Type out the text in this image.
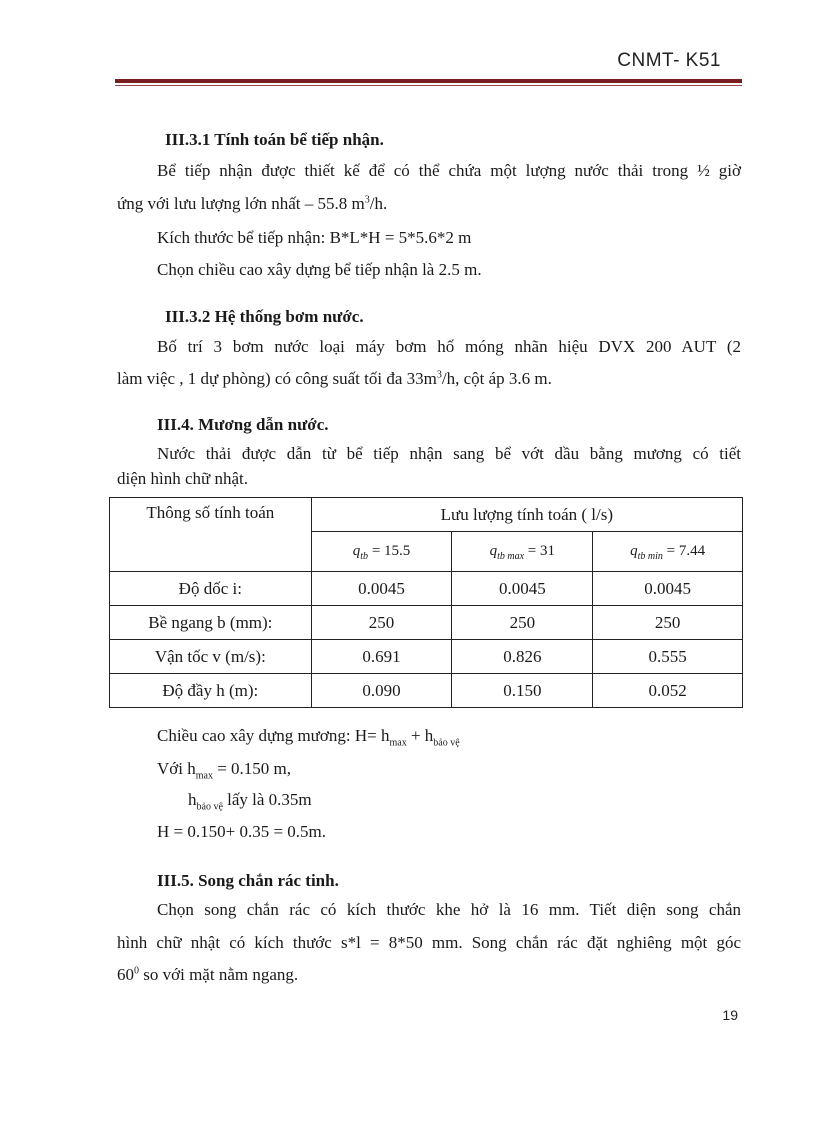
CNMT- K51
III.3.1 Tính toán bể tiếp nhận.
Bể tiếp nhận được thiết kế để có thể chứa một lượng nước thải trong ½ giờ
ứng với lưu lượng lớn nhất – 55.8 $m^3/h$.
Kích thước bể tiếp nhận: B*L*H = 5*5.6*2 m
Chọn chiều cao xây dựng bể tiếp nhận là 2.5 m.
III.3.2 Hệ thống bơm nước.
Bố trí 3 bơm nước loại máy bơm hố móng nhãn hiệu DVX 200 AUT (2
làm việc , 1 dự phòng) có công suất tối đa $33m^3/h$, cột áp 3.6 m.
III.4. Mương dẫn nước.
Nước thải được dẫn từ bể tiếp nhận sang bể vớt dầu bằng mương có tiết
diện hình chữ nhật.
Thông số tính toán	Lưu lượng tính toán ( l/s)		
	$q_{tb} = 15.5$	$q_{tb max} = 31$	$q_{tb min} = 7.44$
Độ dốc i:	0.0045	0.0045	0.0045
Bề ngang b (mm):	250	250	250
Vận tốc v (m/s):	0.691	0.826	0.555
Độ đầy h (m):	0.090	0.150	0.052
Chiều cao xây dựng mương: $H= h_{max} + h_{bảo vệ}$
Với $h_{max} = 0.150$ m,
$h_{bảo vệ}$ lấy là 0.35m
H = 0.150+ 0.35 = 0.5m.
III.5. Song chắn rác tinh.
Chọn song chắn rác có kích thước khe hở là 16 mm. Tiết diện song chắn
hình chữ nhật có kích thước s*l = 8*50 mm. Song chắn rác đặt nghiêng một góc
$60^0$ so với mặt nằm ngang.
19
